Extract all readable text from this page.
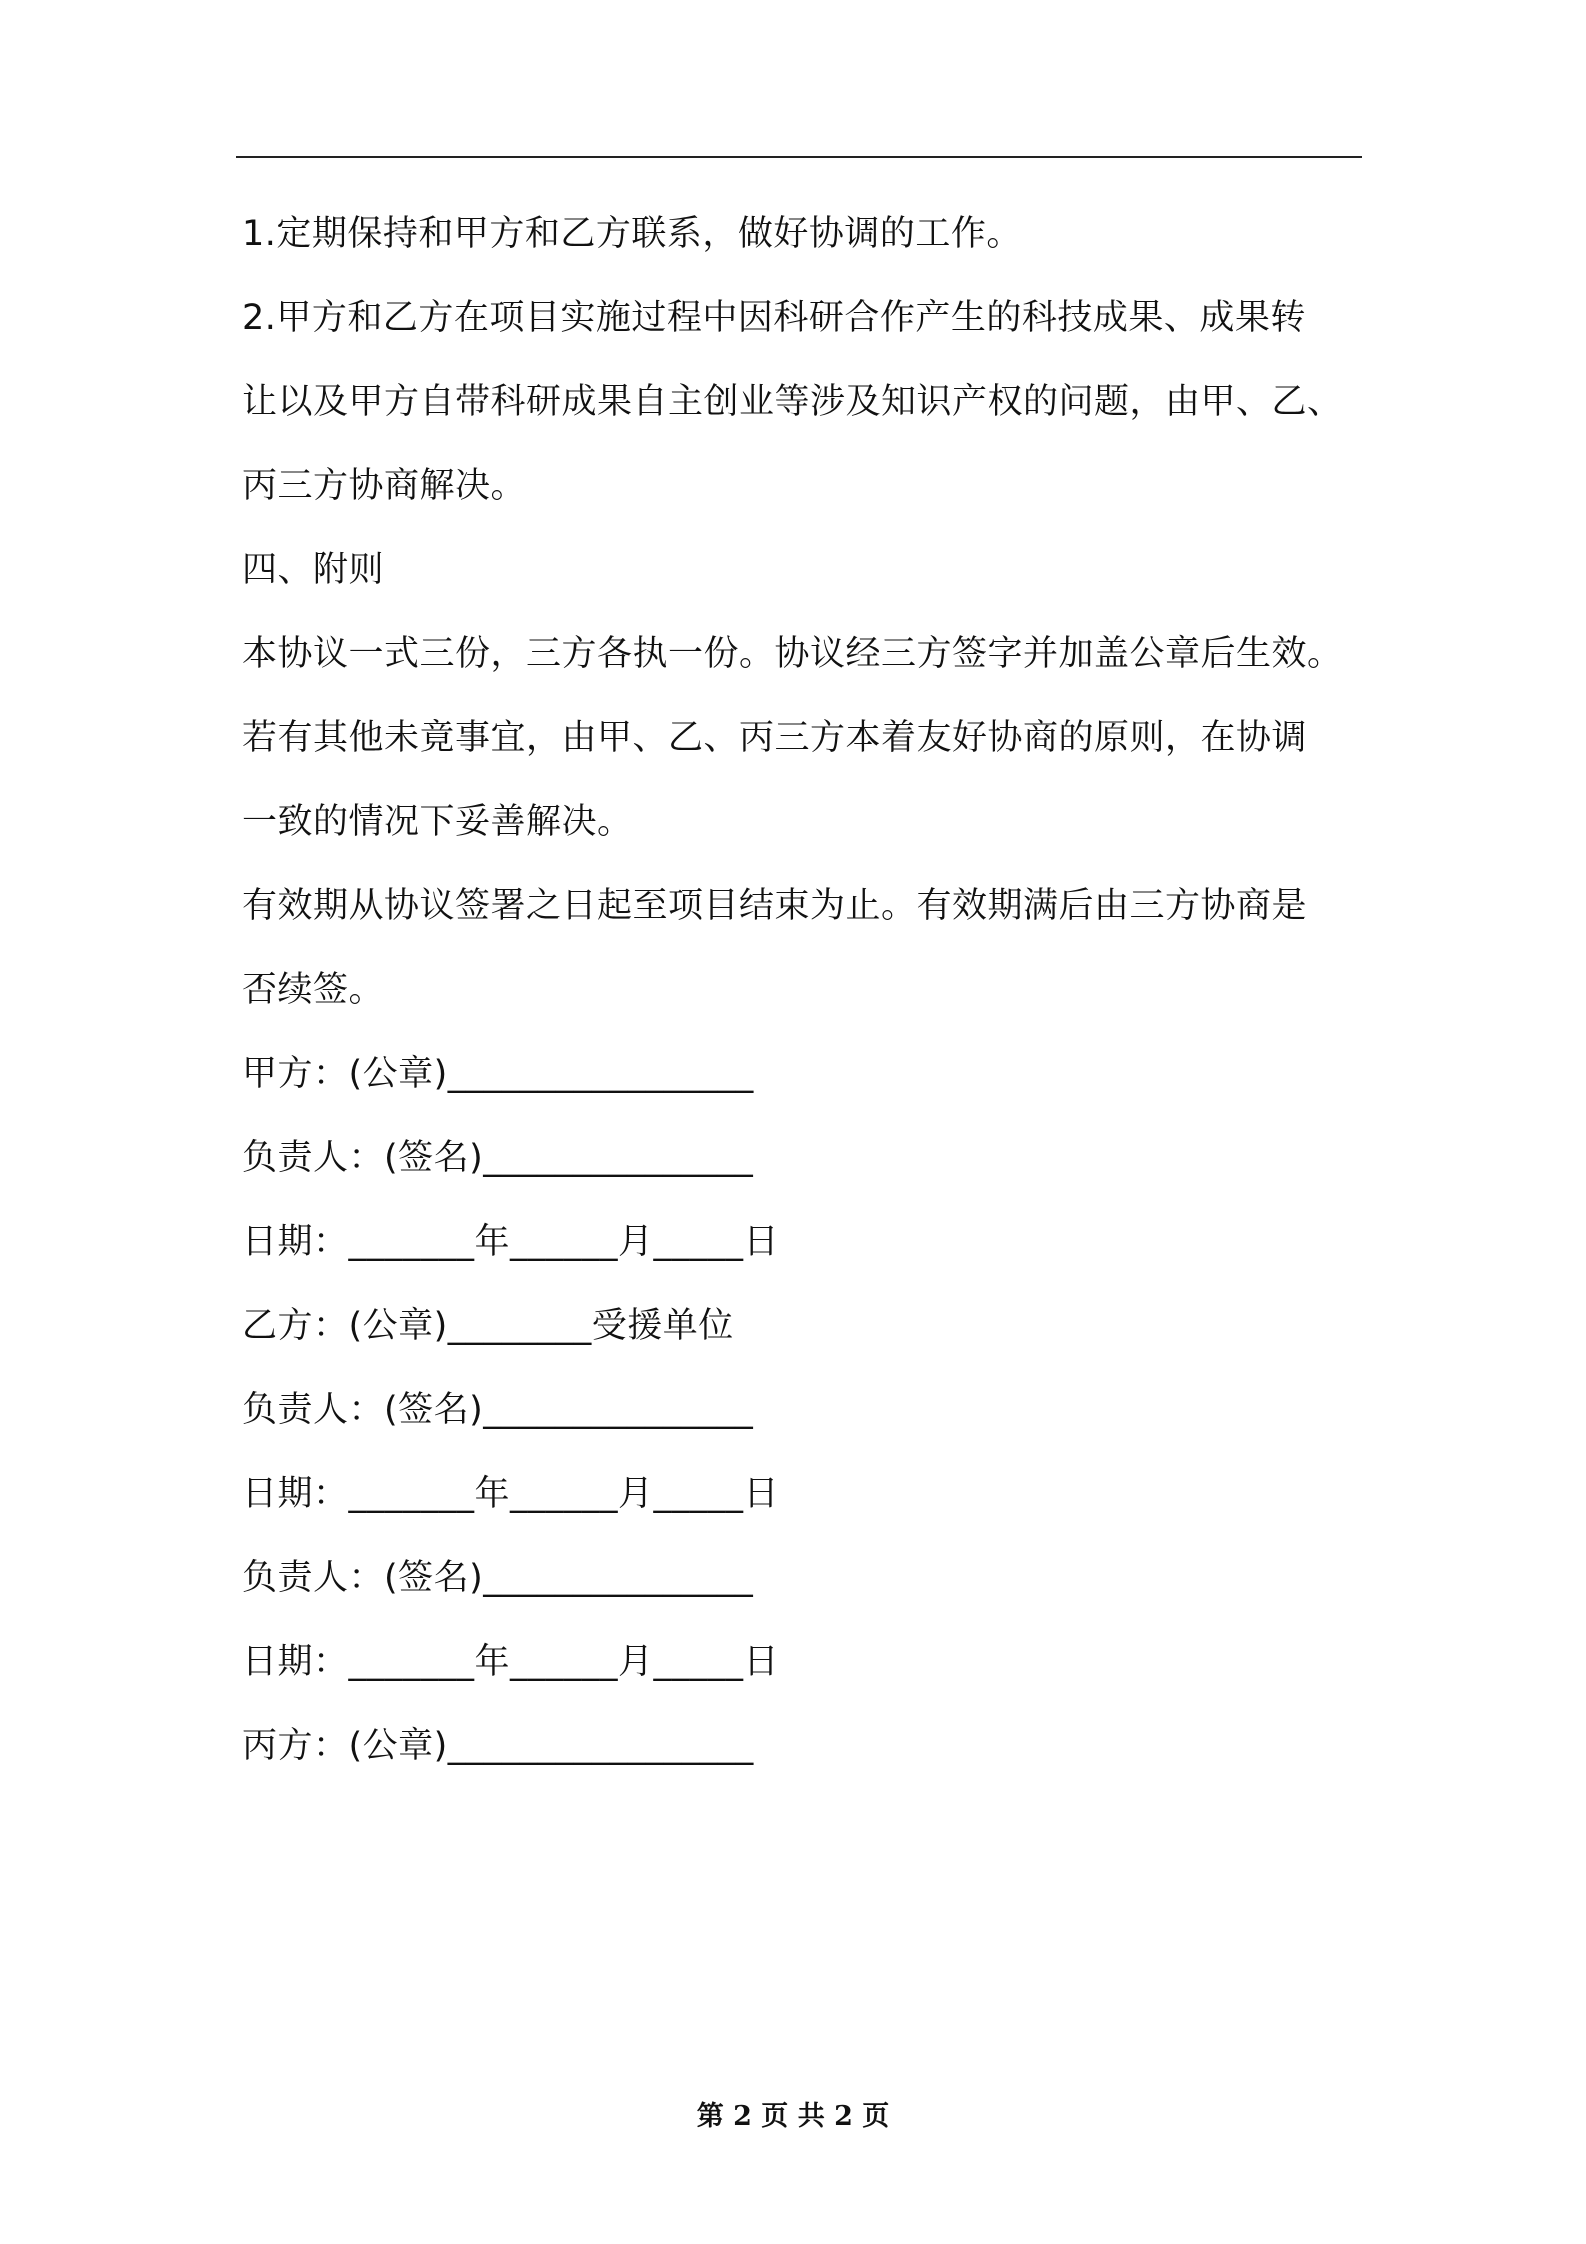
1.定期保持和甲方和乙方联系，做好协调的工作。
2.甲方和乙方在项目实施过程中因科研合作产生的科技成果、成果转
让以及甲方自带科研成果自主创业等涉及知识产权的问题，由甲、乙、
丙三方协商解决。
四、附则
本协议一式三份，三方各执一份。协议经三方签字并加盖公章后生效。
若有其他未竟事宜，由甲、乙、丙三方本着友好协商的原则，在协调
一致的情况下妥善解决。
有效期从协议签署之日起至项目结束为止。有效期满后由三方协商是
否续签。
甲方：(公章)_________________
负责人：(签名)_______________
日期：_______年______月_____日
乙方：(公章)________受援单位
负责人：(签名)_______________
日期：_______年______月_____日
负责人：(签名)_______________
日期：_______年______月_____日
丙方：(公章)_________________
第 2 页 共 2 页
